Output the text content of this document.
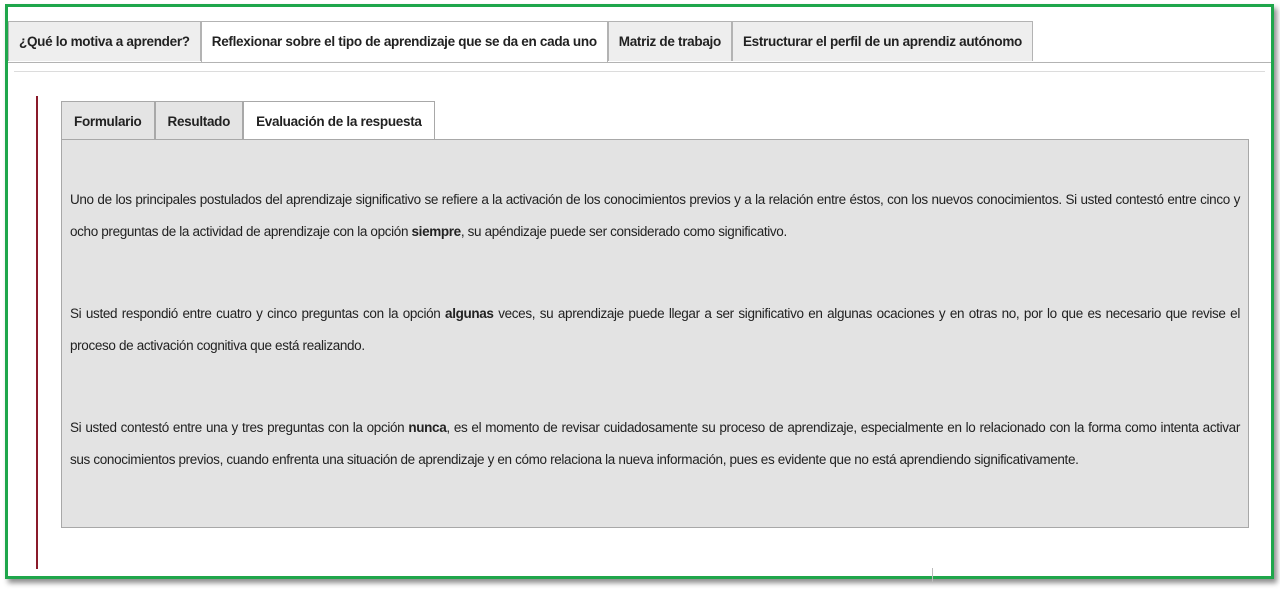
¿Qué lo motiva a aprender?	Reflexionar sobre el tipo de aprendizaje que se da en cada uno	Matriz de trabajo	Estructurar el perfil de un aprendiz autónomo
Formulario	Resultado	Evaluación de la respuesta
Uno de los principales postulados del aprendizaje significativo se refiere a la activación de los conocimientos previos y a la relación entre éstos, con los nuevos conocimientos. Si usted contestó entre cinco y ocho preguntas de la actividad de aprendizaje con la opción siempre, su apéndizaje puede ser considerado como significativo.
Si usted respondió entre cuatro y cinco preguntas con la opción algunas veces, su aprendizaje puede llegar a ser significativo en algunas ocaciones y en otras no, por lo que es necesario que revise el proceso de activación cognitiva que está realizando.
Si usted contestó entre una y tres preguntas con la opción nunca, es el momento de revisar cuidadosamente su proceso de aprendizaje, especialmente en lo relacionado con la forma como intenta activar sus conocimientos previos, cuando enfrenta una situación de aprendizaje y en cómo relaciona la nueva información, pues es evidente que no está aprendiendo significativamente.
